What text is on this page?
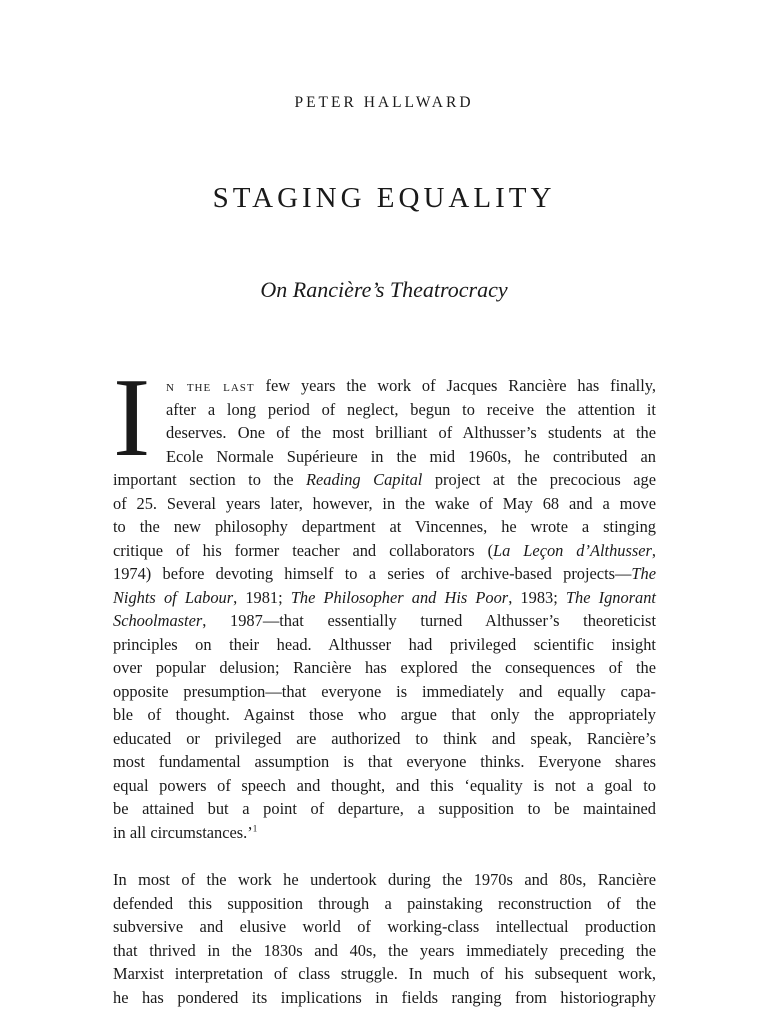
PETER HALLWARD
STAGING EQUALITY
On Rancière’s Theatrocracy
I n the last few years the work of Jacques Rancière has finally,
after a long period of neglect, begun to receive the attention it
deserves. One of the most brilliant of Althusser’s students at the
Ecole Normale Supérieure in the mid 1960s, he contributed an
important section to the Reading Capital project at the precocious age
of 25. Several years later, however, in the wake of May 68 and a move
to the new philosophy department at Vincennes, he wrote a stinging
critique of his former teacher and collaborators (La Leçon d’Althusser,
1974) before devoting himself to a series of archive-based projects—The
Nights of Labour, 1981; The Philosopher and His Poor, 1983; The Ignorant
Schoolmaster, 1987—that essentially turned Althusser’s theoreticist
principles on their head. Althusser had privileged scientific insight
over popular delusion; Rancière has explored the consequences of the
opposite presumption—that everyone is immediately and equally capa-
ble of thought. Against those who argue that only the appropriately
educated or privileged are authorized to think and speak, Rancière’s
most fundamental assumption is that everyone thinks. Everyone shares
equal powers of speech and thought, and this ‘equality is not a goal to
be attained but a point of departure, a supposition to be maintained
in all circumstances.’$^1$
In most of the work he undertook during the 1970s and 80s, Rancière
defended this supposition through a painstaking reconstruction of the
subversive and elusive world of working-class intellectual production
that thrived in the 1830s and 40s, the years immediately preceding the
Marxist interpretation of class struggle. In much of his subsequent work,
he has pondered its implications in fields ranging from historiography
